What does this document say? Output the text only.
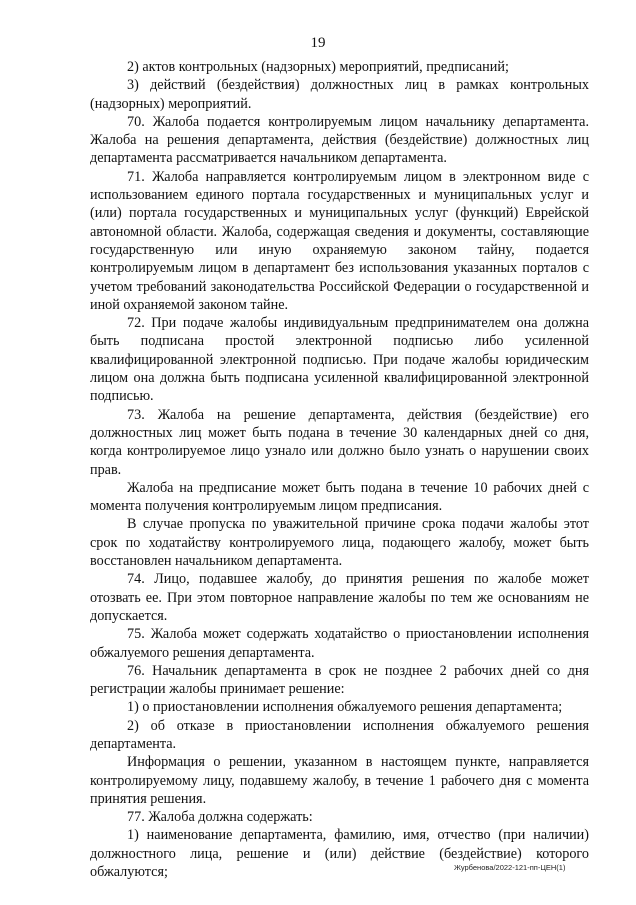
19

2) актов контрольных (надзорных) мероприятий, предписаний;

3) действий (бездействия) должностных лиц в рамках контрольных (надзорных) мероприятий.

70. Жалоба подается контролируемым лицом начальнику департамента. Жалоба на решения департамента, действия (бездействие) должностных лиц департамента рассматривается начальником департамента.

71. Жалоба направляется контролируемым лицом в электронном виде с использованием единого портала государственных и муниципальных услуг и (или) портала государственных и муниципальных услуг (функций) Еврейской автономной области. Жалоба, содержащая сведения и документы, составляющие государственную или иную охраняемую законом тайну, подается контролируемым лицом в департамент без использования указанных порталов с учетом требований законодательства Российской Федерации о государственной и иной охраняемой законом тайне.

72. При подаче жалобы индивидуальным предпринимателем она должна быть подписана простой электронной подписью либо усиленной квалифицированной электронной подписью. При подаче жалобы юридическим лицом она должна быть подписана усиленной квалифицированной электронной подписью.

73. Жалоба на решение департамента, действия (бездействие) его должностных лиц может быть подана в течение 30 календарных дней со дня, когда контролируемое лицо узнало или должно было узнать о нарушении своих прав.

Жалоба на предписание может быть подана в течение 10 рабочих дней с момента получения контролируемым лицом предписания.

В случае пропуска по уважительной причине срока подачи жалобы этот срок по ходатайству контролируемого лица, подающего жалобу, может быть восстановлен начальником департамента.

74. Лицо, подавшее жалобу, до принятия решения по жалобе может отозвать ее. При этом повторное направление жалобы по тем же основаниям не допускается.

75. Жалоба может содержать ходатайство о приостановлении исполнения обжалуемого решения департамента.

76. Начальник департамента в срок не позднее 2 рабочих дней со дня регистрации жалобы принимает решение:

1) о приостановлении исполнения обжалуемого решения департамента;

2) об отказе в приостановлении исполнения обжалуемого решения департамента.

Информация о решении, указанном в настоящем пункте, направляется контролируемому лицу, подавшему жалобу, в течение 1 рабочего дня с момента принятия решения.

77. Жалоба должна содержать:

1) наименование департамента, фамилию, имя, отчество (при наличии) должностного лица, решение и (или) действие (бездействие) которого обжалуются;	Журбенова/2022-121-пп-ЦЕН(1)
